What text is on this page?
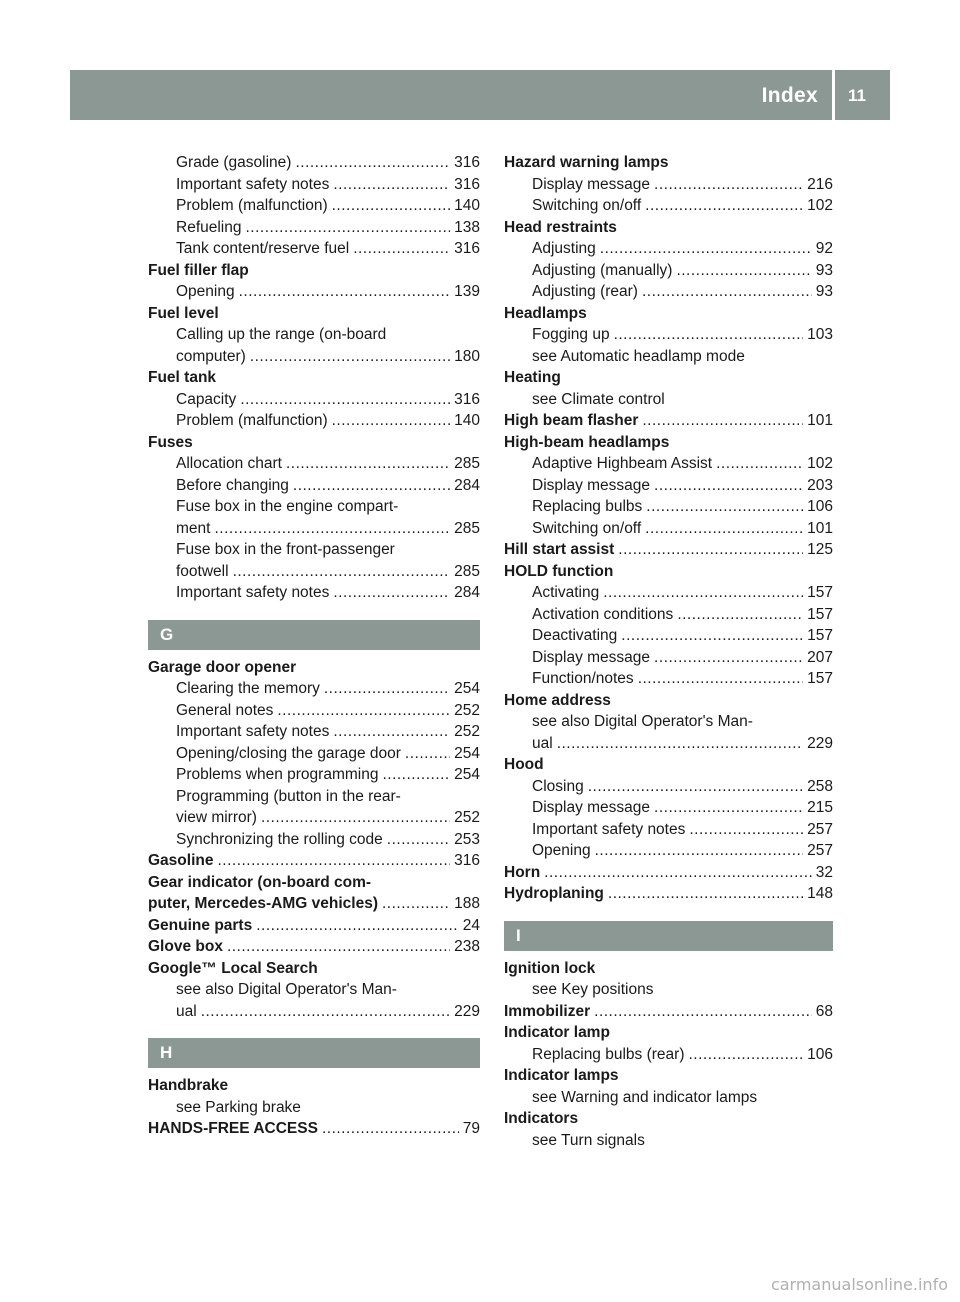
Index 11
Grade (gasoline) .....	316
Important safety notes .....	316
Problem (malfunction) .....	140
Refueling .....	138
Tank content/reserve fuel .....	316
Fuel filler flap
Opening .....	139
Fuel level
Calling up the range (on-board
computer) .....	180
Fuel tank
Capacity .....	316
Problem (malfunction) .....	140
Fuses
Allocation chart .....	285
Before changing .....	284
Fuse box in the engine compart-
ment .....	285
Fuse box in the front-passenger
footwell .....	285
Important safety notes .....	284
G
Garage door opener
Clearing the memory .....	254
General notes .....	252
Important safety notes .....	252
Opening/closing the garage door .....	254
Problems when programming .....	254
Programming (button in the rear-
view mirror) .....	252
Synchronizing the rolling code .....	253
Gasoline .....	316
Gear indicator (on-board com-
puter, Mercedes-AMG vehicles) .....	188
Genuine parts .....	24
Glove box .....	238
Google™ Local Search
see also Digital Operator's Man-
ual .....	229
H
Handbrake
see Parking brake
HANDS-FREE ACCESS .....	79
Hazard warning lamps
Display message .....	216
Switching on/off .....	102
Head restraints
Adjusting .....	92
Adjusting (manually) .....	93
Adjusting (rear) .....	93
Headlamps
Fogging up .....	103
see Automatic headlamp mode
Heating
see Climate control
High beam flasher .....	101
High-beam headlamps
Adaptive Highbeam Assist .....	102
Display message .....	203
Replacing bulbs .....	106
Switching on/off .....	101
Hill start assist .....	125
HOLD function
Activating .....	157
Activation conditions .....	157
Deactivating .....	157
Display message .....	207
Function/notes .....	157
Home address
see also Digital Operator's Man-
ual .....	229
Hood
Closing .....	258
Display message .....	215
Important safety notes .....	257
Opening .....	257
Horn .....	32
Hydroplaning .....	148
I
Ignition lock
see Key positions
Immobilizer .....	68
Indicator lamp
Replacing bulbs (rear) .....	106
Indicator lamps
see Warning and indicator lamps
Indicators
see Turn signals
carmanualsonline.info
